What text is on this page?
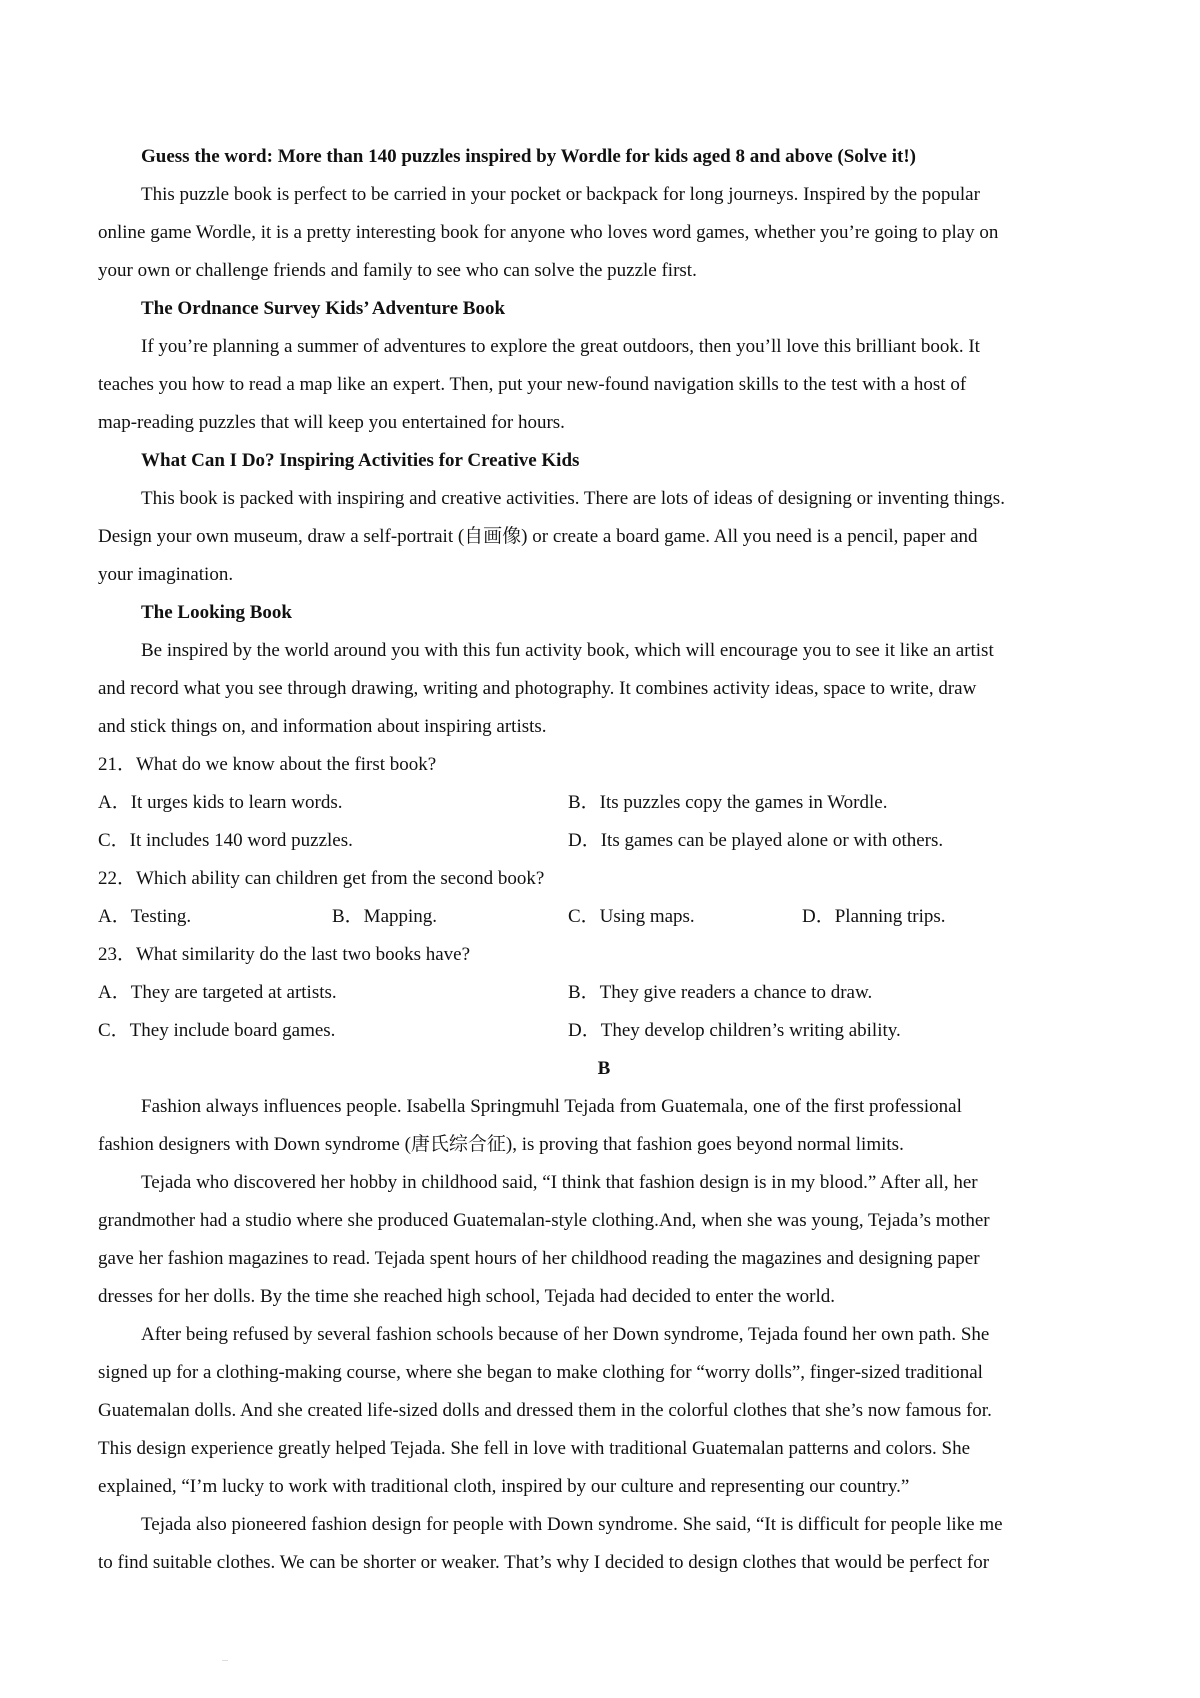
Guess the word: More than 140 puzzles inspired by Wordle for kids aged 8 and above (Solve it!)
This puzzle book is perfect to be carried in your pocket or backpack for long journeys. Inspired by the popular
online game Wordle, it is a pretty interesting book for anyone who loves word games, whether you’re going to play on
your own or challenge friends and family to see who can solve the puzzle first.
The Ordnance Survey Kids’ Adventure Book
If you’re planning a summer of adventures to explore the great outdoors, then you’ll love this brilliant book. It
teaches you how to read a map like an expert. Then, put your new-found navigation skills to the test with a host of
map-reading puzzles that will keep you entertained for hours.
What Can I Do? Inspiring Activities for Creative Kids
This book is packed with inspiring and creative activities. There are lots of ideas of designing or inventing things.
Design your own museum, draw a self-portrait (自画像) or create a board game. All you need is a pencil, paper and
your imagination.
The Looking Book
Be inspired by the world around you with this fun activity book, which will encourage you to see it like an artist
and record what you see through drawing, writing and photography. It combines activity ideas, space to write, draw
and stick things on, and information about inspiring artists.
21．What do we know about the first book?
A．It urges kids to learn words.	B．Its puzzles copy the games in Wordle.
C．It includes 140 word puzzles.	D．Its games can be played alone or with others.
22．Which ability can children get from the second book?
A．Testing.	B．Mapping.	C．Using maps.	D．Planning trips.
23．What similarity do the last two books have?
A．They are targeted at artists.	B．They give readers a chance to draw.
C．They include board games.	D．They develop children’s writing ability.
B
Fashion always influences people. Isabella Springmuhl Tejada from Guatemala, one of the first professional
fashion designers with Down syndrome (唐氏综合征), is proving that fashion goes beyond normal limits.
Tejada who discovered her hobby in childhood said, “I think that fashion design is in my blood.” After all, her
grandmother had a studio where she produced Guatemalan-style clothing.And, when she was young, Tejada’s mother
gave her fashion magazines to read. Tejada spent hours of her childhood reading the magazines and designing paper
dresses for her dolls. By the time she reached high school, Tejada had decided to enter the world.
After being refused by several fashion schools because of her Down syndrome, Tejada found her own path. She
signed up for a clothing-making course, where she began to make clothing for “worry dolls”, finger-sized traditional
Guatemalan dolls. And she created life-sized dolls and dressed them in the colorful clothes that she’s now famous for.
This design experience greatly helped Tejada. She fell in love with traditional Guatemalan patterns and colors. She
explained, “I’m lucky to work with traditional cloth, inspired by our culture and representing our country.”
Tejada also pioneered fashion design for people with Down syndrome. She said, “It is difficult for people like me
to find suitable clothes. We can be shorter or weaker. That’s why I decided to design clothes that would be perfect for
